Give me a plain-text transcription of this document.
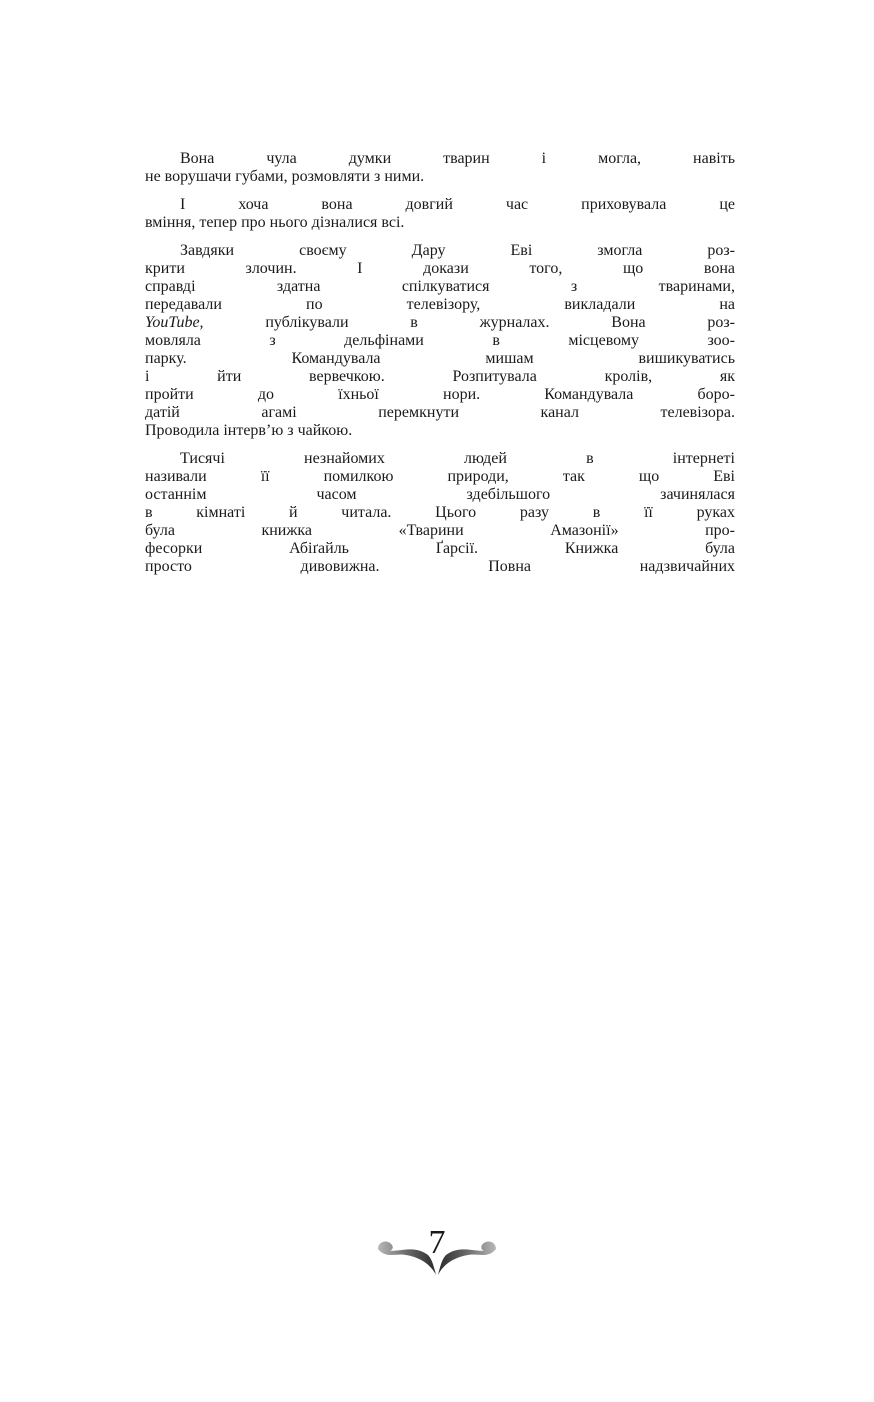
Вона чула думки тварин і могла, навіть
не ворушачи губами, розмовляти з ними.
І хоча вона довгий час приховувала це
вміння, тепер про нього дізналися всі.
Завдяки своєму Дару Еві змогла роз-
крити злочин. І докази того, що вона
справді здатна спілкуватися з тваринами,
передавали по телевізору, викладали на
YouTube,	публікували в журналах. Вона роз-
мовляла з дельфінами в місцевому зоо-
парку. Командувала мишам вишикуватись
і йти вервечкою. Розпитувала кролів, як
пройти до їхньої нори. Командувала боро-
датій агамі перемкнути канал телевізора.
Проводила інтерв’ю з чайкою.
Тисячі незнайомих людей в інтернеті
називали її помилкою природи, так що Еві
останнім часом здебільшого зачинялася
в кімнаті й читала. Цього разу в її руках
була книжка «Тварини Амазонії» про-
фесорки Абіґайль Ґарсії. Книжка була
просто дивовижна. Повна надзвичайних
7
